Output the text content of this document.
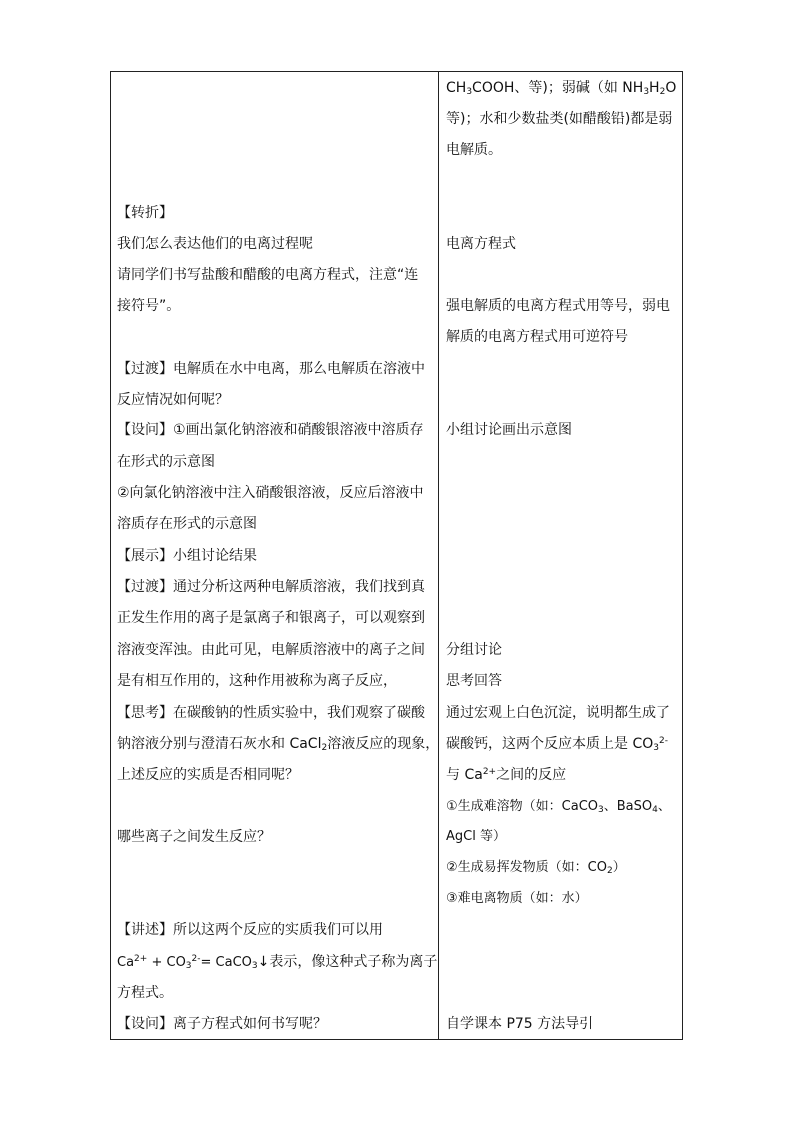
$CH_3COOH$、等)；弱碱（如 $NH_3H_2O$
等)；水和少数盐类(如醋酸铅)都是弱
电解质。
电离方程式
强电解质的电离方程式用等号，弱电
解质的电离方程式用可逆符号
小组讨论画出示意图
分组讨论
思考回答
通过宏观上白色沉淀，说明都生成了
碳酸钙，这两个反应本质上是 $CO_3^{2-}$
与 $Ca^{2+}$之间的反应
①生成难溶物（如：CaCO$_3$、BaSO$_4$、
AgCl 等）
②生成易挥发物质（如：$CO_2$）
③难电离物质（如：水）
自学课本 P75 方法导引
【转折】
我们怎么表达他们的电离过程呢
请同学们书写盐酸和醋酸的电离方程式，注意“连
接符号”。
【过渡】电解质在水中电离，那么电解质在溶液中
反应情况如何呢？
【设问】①画出氯化钠溶液和硝酸银溶液中溶质存
在形式的示意图
②向氯化钠溶液中注入硝酸银溶液，反应后溶液中
溶质存在形式的示意图
【展示】小组讨论结果
【过渡】通过分析这两种电解质溶液，我们找到真
正发生作用的离子是氯离子和银离子，可以观察到
溶液变浑浊。由此可见，电解质溶液中的离子之间
是有相互作用的，这种作用被称为离子反应，
【思考】在碳酸钠的性质实验中，我们观察了碳酸
钠溶液分别与澄清石灰水和 CaCl$_2$溶液反应的现象，
上述反应的实质是否相同呢？
哪些离子之间发生反应？
【讲述】所以这两个反应的实质我们可以用
$Ca^{2+} + CO_3^{2-}=$ CaCO$_3$↓表示，像这种式子称为离子
方程式。
【设问】离子方程式如何书写呢？
